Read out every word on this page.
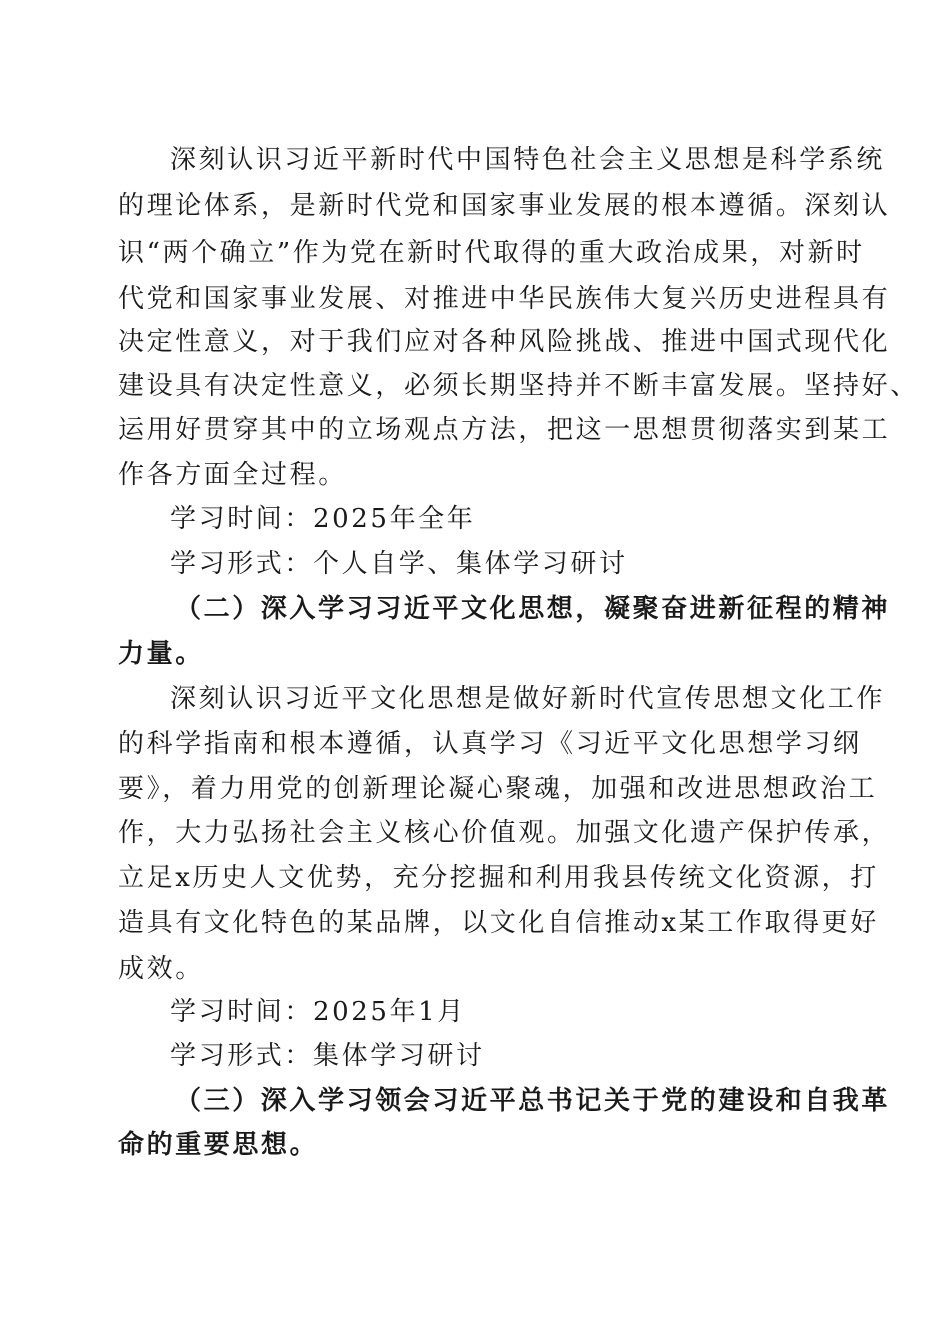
深刻认识习近平新时代中国特色社会主义思想是科学系统
的理论体系，是新时代党和国家事业发展的根本遵循。深刻认
识“两个确立”作为党在新时代取得的重大政治成果，对新时
代党和国家事业发展、对推进中华民族伟大复兴历史进程具有
决定性意义，对于我们应对各种风险挑战、推进中国式现代化
建设具有决定性意义，必须长期坚持并不断丰富发展。坚持好、
运用好贯穿其中的立场观点方法，把这一思想贯彻落实到某工
作各方面全过程。
学习时间：2025年全年
学习形式：个人自学、集体学习研讨
（二）深入学习习近平文化思想，凝聚奋进新征程的精神
力量。
深刻认识习近平文化思想是做好新时代宣传思想文化工作
的科学指南和根本遵循，认真学习《习近平文化思想学习纲
要》，着力用党的创新理论凝心聚魂，加强和改进思想政治工
作，大力弘扬社会主义核心价值观。加强文化遗产保护传承，
立足x历史人文优势，充分挖掘和利用我县传统文化资源，打
造具有文化特色的某品牌，以文化自信推动x某工作取得更好
成效。
学习时间：2025年1月
学习形式：集体学习研讨
（三）深入学习领会习近平总书记关于党的建设和自我革
命的重要思想。
